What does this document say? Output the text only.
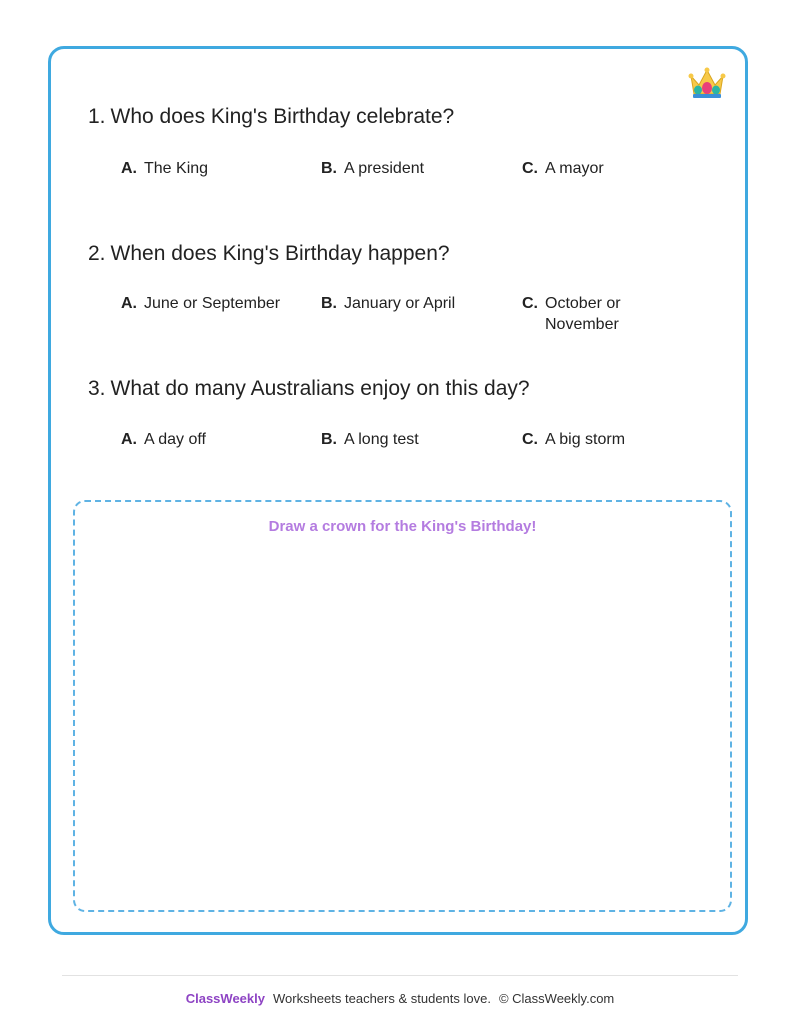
1. Who does King's Birthday celebrate?
A. The King	B. A president	C. A mayor
2. When does King's Birthday happen?
A. June or September	B. January or April	C. October or November
3. What do many Australians enjoy on this day?
A. A day off	B. A long test	C. A big storm
Draw a crown for the King's Birthday!
ClassWeekly Worksheets teachers & students love. © ClassWeekly.com
